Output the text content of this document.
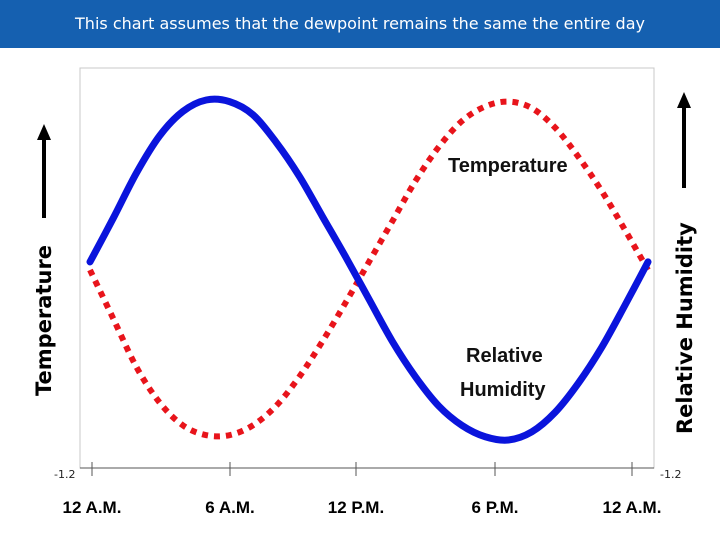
This chart assumes that the dewpoint remains the same the entire day
12 A.M.	6 A.M.	12 P.M.	6 P.M.	12 A.M.
-1.2	-1.2
Temperature	Relative Humidity
Temperature
Relative
Humidity
